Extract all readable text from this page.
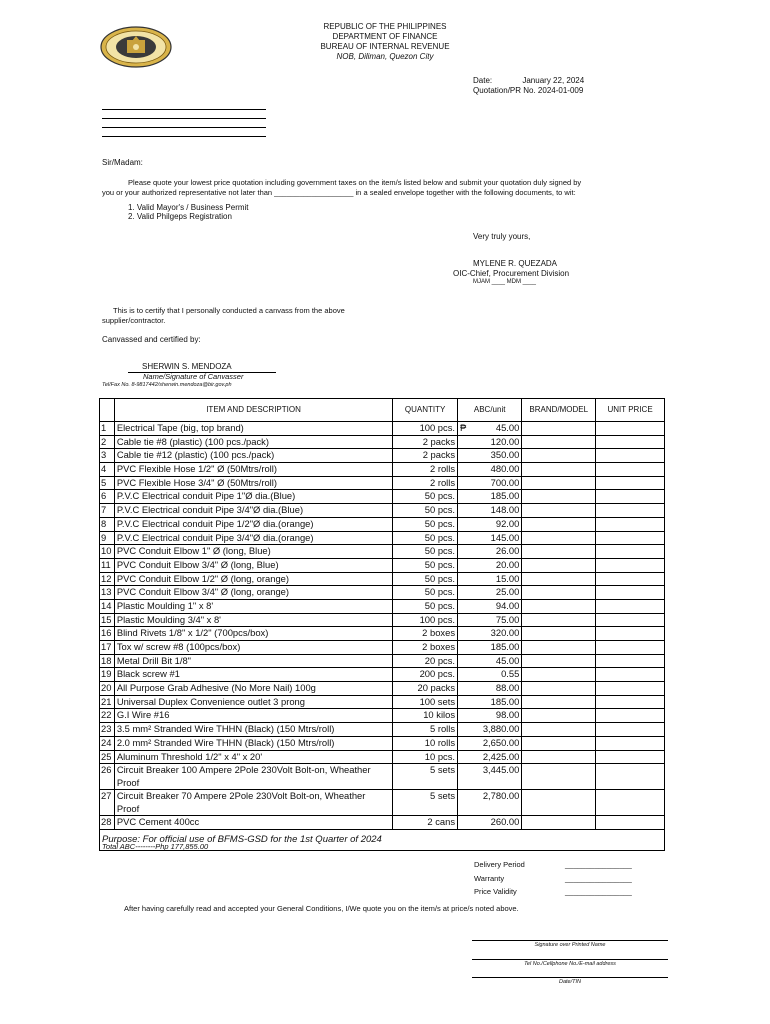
REPUBLIC OF THE PHILIPPINES
DEPARTMENT OF FINANCE
BUREAU OF INTERNAL REVENUE
NOB, Diliman, Quezon City
Date:	January 22, 2024
Quotation/PR No. 2024-01-009
Sir/Madam:
Please quote your lowest price quotation including government taxes on the item/s listed below and submit your quotation duly signed by
you or your authorized representative not later than ___________________ in a sealed envelope together with the following documents, to wit:
1. Valid Mayor's / Business Permit
2. Valid Philgeps Registration
Very truly yours,
MYLENE R. QUEZADA
OIC-Chief, Procurement Division
MJAM ____ MDM ____
This is to certify that I personally conducted a canvass from the above
supplier/contractor.
Canvassed and certified by:
SHERWIN S. MENDOZA
Name/Signature of Canvasser
Tel/Fax No. 8-9817442/sherwin.mendoza@bir.gov.ph
	ITEM AND DESCRIPTION	QUANTITY	ABC/unit	BRAND/MODEL	UNIT PRICE
1	Electrical Tape (big, top brand)	100 pcs.	₱ 45.00		
2	Cable tie #8 (plastic) (100 pcs./pack)	2 packs	120.00		
3	Cable tie #12 (plastic) (100 pcs./pack)	2 packs	350.00		
4	PVC Flexible Hose 1/2" Ø (50Mtrs/roll)	2 rolls	480.00		
5	PVC Flexible Hose 3/4" Ø (50Mtrs/roll)	2 rolls	700.00		
6	P.V.C Electrical conduit Pipe 1"Ø dia.(Blue)	50 pcs.	185.00		
7	P.V.C Electrical conduit Pipe 3/4"Ø dia.(Blue)	50 pcs.	148.00		
8	P.V.C Electrical conduit Pipe 1/2"Ø dia.(orange)	50 pcs.	92.00		
9	P.V.C Electrical conduit Pipe 3/4"Ø dia.(orange)	50 pcs.	145.00		
10	PVC Conduit Elbow 1" Ø (long, Blue)	50 pcs.	26.00		
11	PVC Conduit Elbow 3/4" Ø (long, Blue)	50 pcs.	20.00		
12	PVC Conduit Elbow 1/2" Ø (long, orange)	50 pcs.	15.00		
13	PVC Conduit Elbow 3/4" Ø (long, orange)	50 pcs.	25.00		
14	Plastic Moulding 1" x 8'	50 pcs.	94.00		
15	Plastic Moulding 3/4" x 8'	100 pcs.	75.00		
16	Blind Rivets 1/8" x 1/2" (700pcs/box)	2 boxes	320.00		
17	Tox w/ screw #8 (100pcs/box)	2 boxes	185.00		
18	Metal Drill Bit 1/8"	20 pcs.	45.00		
19	Black screw #1	200 pcs.	0.55		
20	All Purpose Grab Adhesive (No More Nail) 100g	20 packs	88.00		
21	Universal Duplex Convenience outlet 3 prong	100 sets	185.00		
22	G.I Wire #16	10 kilos	98.00		
23	3.5 mm² Stranded Wire THHN (Black) (150 Mtrs/roll)	5 rolls	3,880.00		
24	2.0 mm² Stranded Wire THHN (Black) (150 Mtrs/roll)	10 rolls	2,650.00		
25	Aluminum Threshold 1/2" x 4" x 20'	10 pcs.	2,425.00		
26	Circuit Breaker 100 Ampere 2Pole 230Volt Bolt-on, Wheather Proof	5 sets	3,445.00		
27	Circuit Breaker 70 Ampere 2Pole 230Volt Bolt-on, Wheather Proof	5 sets	2,780.00		
28	PVC Cement 400cc	2 cans	260.00		
Purpose: For official use of BFMS-GSD for the 1st Quarter of 2024					
Total ABC--------Php 177,855.00
Delivery Period
Warranty
Price Validity
________________
________________
________________
After having carefully read and accepted your General Conditions, I/We quote you on the item/s at price/s noted above.
Signature over Printed Name
Tel No./Cellphone No./E-mail address
Date/TIN
